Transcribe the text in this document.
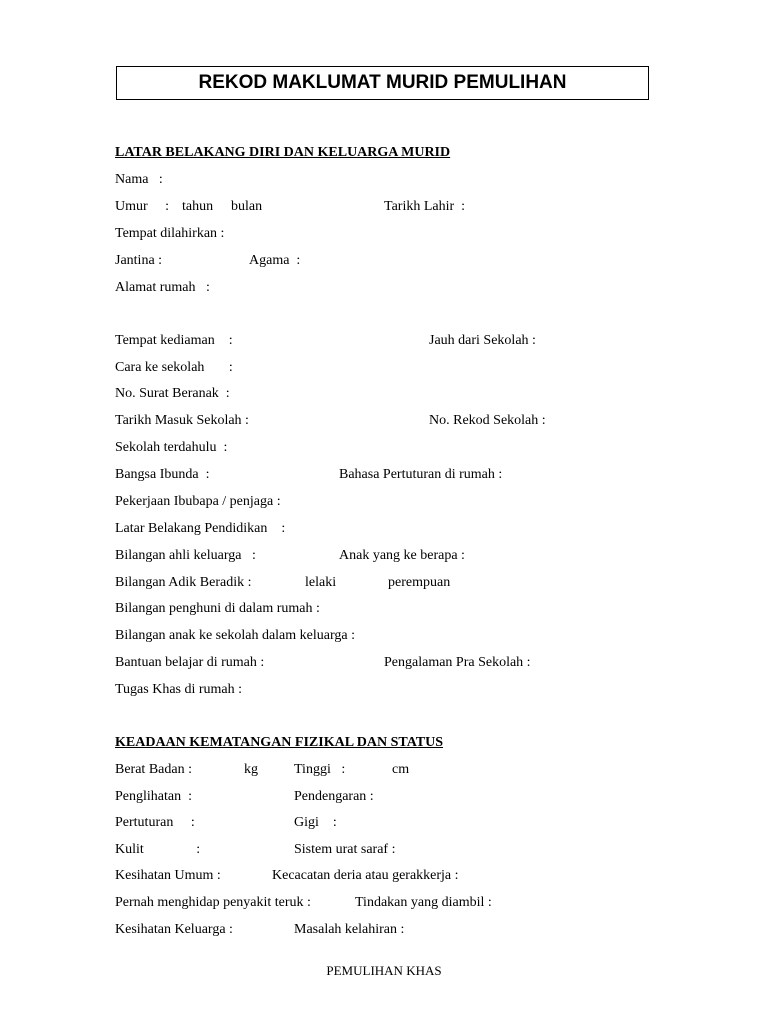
REKOD MAKLUMAT MURID PEMULIHAN
LATAR BELAKANG DIRI DAN KELUARGA MURID
Nama   :
Umur     : tahun bulan	Tarikh Lahir  :
Tempat dilahirkan :
Jantina :	Agama  :
Alamat rumah   :
Tempat kediaman    :	Jauh dari Sekolah :
Cara ke sekolah       :
No. Surat Beranak  :
Tarikh Masuk Sekolah :	No. Rekod Sekolah :
Sekolah terdahulu  :
Bangsa Ibunda  :	Bahasa Pertuturan di rumah :
Pekerjaan Ibubapa / penjaga :
Latar Belakang Pendidikan    :
Bilangan ahli keluarga   :	Anak yang ke berapa :
Bilangan Adik Beradik :	lelaki	perempuan
Bilangan penghuni di dalam rumah :
Bilangan anak ke sekolah dalam keluarga :
Bantuan belajar di rumah :	Pengalaman Pra Sekolah :
Tugas Khas di rumah :
KEADAAN KEMATANGAN FIZIKAL DAN STATUS
Berat Badan :	kg	Tinggi   :	cm
Penglihatan  :	Pendengaran :
Pertuturan     :	Gigi    :
Kulit               :	Sistem urat saraf :
Kesihatan Umum :	Kecacatan deria atau gerakkerja :
Pernah menghidap penyakit teruk :	Tindakan yang diambil :
Kesihatan Keluarga :	Masalah kelahiran :
PEMULIHAN KHAS
